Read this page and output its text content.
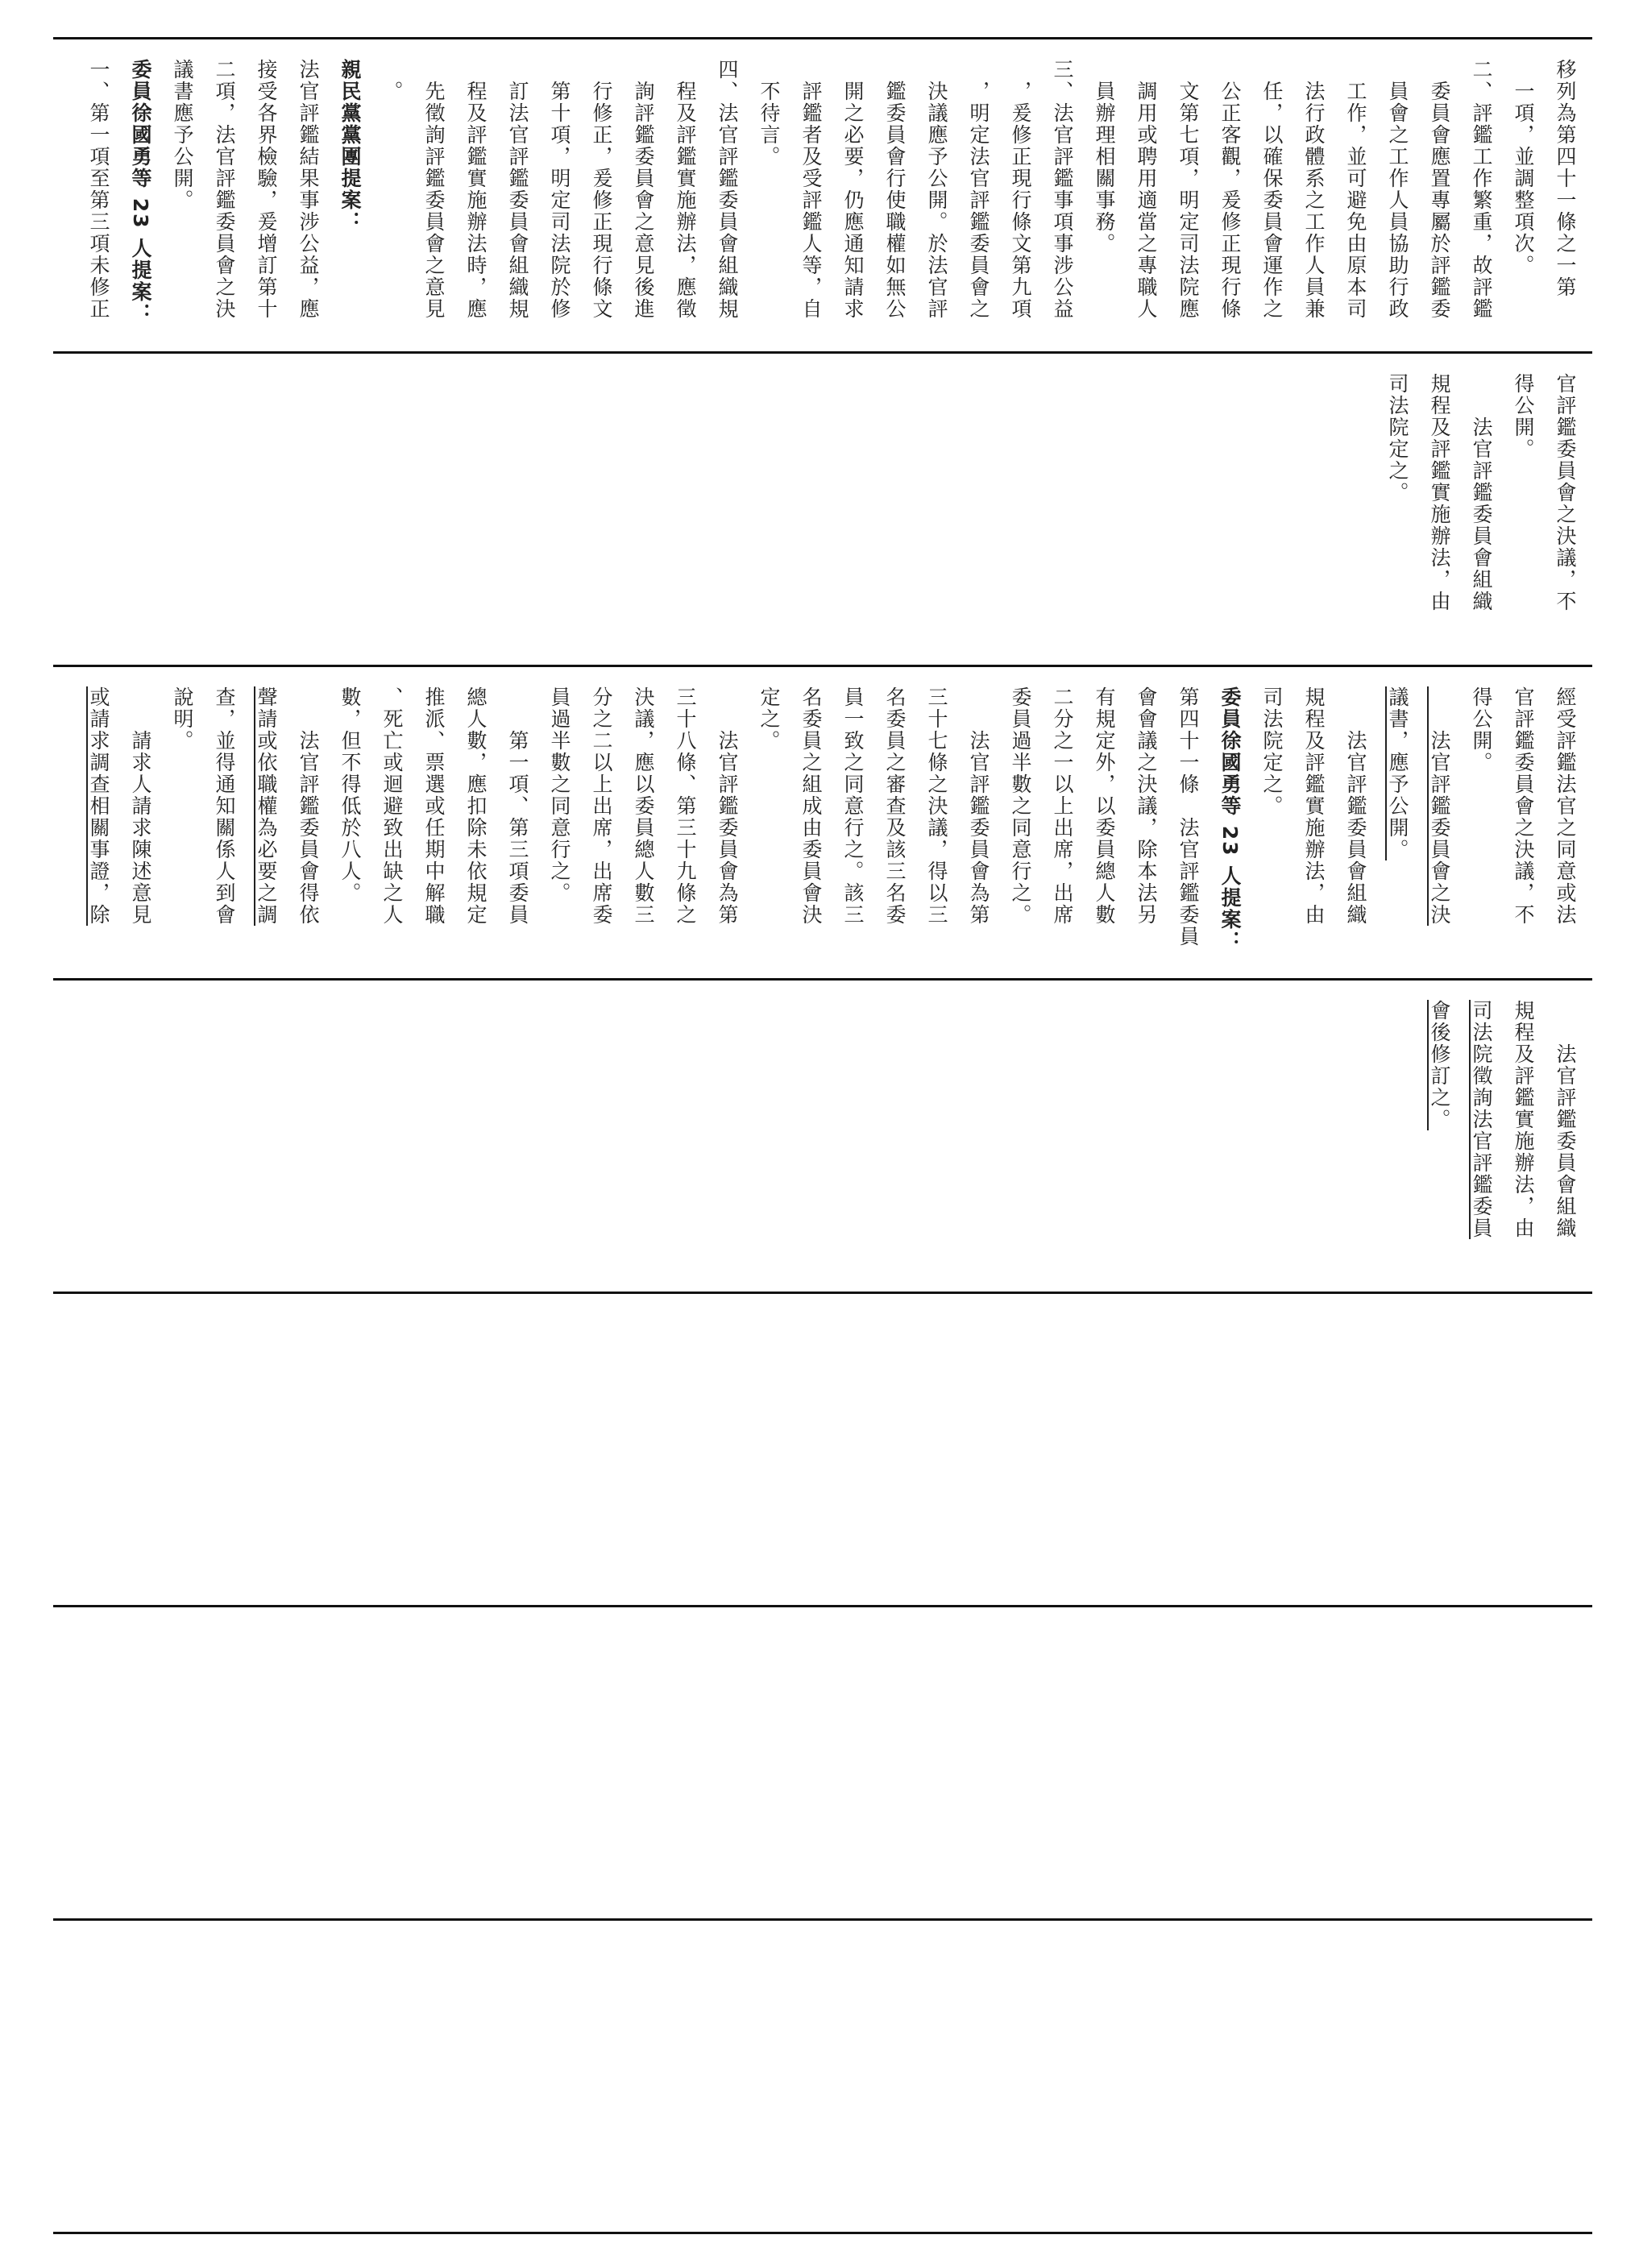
移列為第四十一條之一第
　一項，並調整項次。
二、評鑑工作繁重，故評鑑
　委員會應置專屬於評鑑委
　員會之工作人員協助行政
　工作，並可避免由原本司
　法行政體系之工作人員兼
　任，以確保委員會運作之
　公正客觀，爰修正現行條
　文第七項，明定司法院應
　調用或聘用適當之專職人
　員辦理相關事務。
三、法官評鑑事項事涉公益
　，爰修正現行條文第九項
　，明定法官評鑑委員會之
　決議應予公開。於法官評
　鑑委員會行使職權如無公
　開之必要，仍應通知請求
　評鑑者及受評鑑人等，自
　不待言。
四、法官評鑑委員會組織規
　程及評鑑實施辦法，應徵
　詢評鑑委員會之意見後進
　行修正，爰修正現行條文
　第十項，明定司法院於修
　訂法官評鑑委員會組織規
　程及評鑑實施辦法時，應
　先徵詢評鑑委員會之意見
　。
親民黨黨團提案：
法官評鑑結果事涉公益，應
接受各界檢驗，爰增訂第十
二項，法官評鑑委員會之決
議書應予公開。
委員徐國勇等 23 人提案：
一、第一項至第三項未修正
官評鑑委員會之決議，不
得公開。
　　法官評鑑委員會組織
規程及評鑑實施辦法，由
司法院定之。
經受評鑑法官之同意或法
官評鑑委員會之決議，不
得公開。
　　法官評鑑委員會之決
議書，應予公開。
　　法官評鑑委員會組織
規程及評鑑實施辦法，由
司法院定之。
委員徐國勇等 23 人提案：
第四十一條　法官評鑑委員
會會議之決議，除本法另
有規定外，以委員總人數
二分之一以上出席，出席
委員過半數之同意行之。
　　法官評鑑委員會為第
三十七條之決議，得以三
名委員之審查及該三名委
員一致之同意行之。該三
名委員之組成由委員會決
定之。
　　法官評鑑委員會為第
三十八條、第三十九條之
決議，應以委員總人數三
分之二以上出席，出席委
員過半數之同意行之。
　　第一項、第三項委員
總人數，應扣除未依規定
推派、票選或任期中解職
、死亡或迴避致出缺之人
數，但不得低於八人。
　　法官評鑑委員會得依
聲請或依職權為必要之調
查，並得通知關係人到會
說明。
　　請求人請求陳述意見
或請求調查相關事證，除
　　法官評鑑委員會組織
規程及評鑑實施辦法，由
司法院徵詢法官評鑑委員
會後修訂之。
